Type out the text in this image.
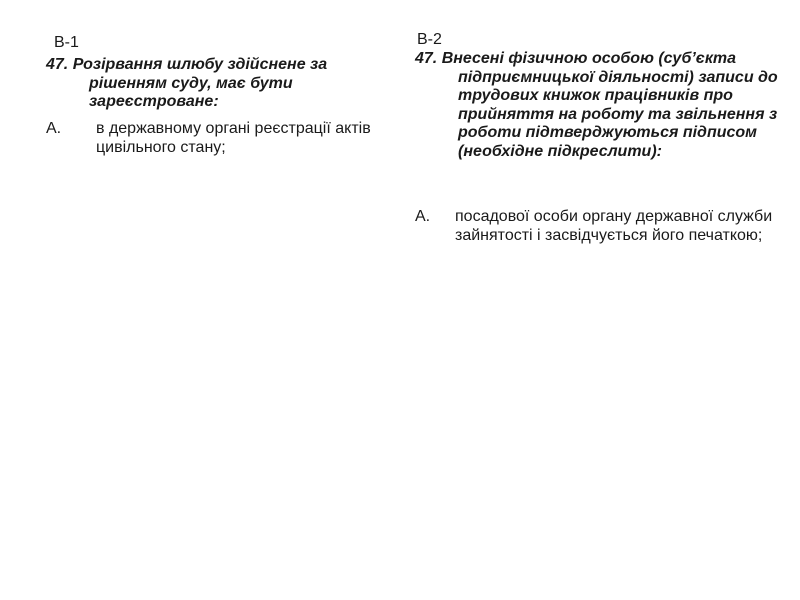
В-1

47. Розірвання шлюбу здійснене за рішенням суду, має бути зареєстроване:

А.	в державному органі реєстрації актів цивільного стану;

В-2

47. Внесені фізичною особою (суб’єкта підприємницької діяльності) записи до трудових книжок працівників про прийняття на роботу та звільнення з роботи підтверджуються підписом (необхідне підкреслити):

А.	посадової особи органу державної служби зайнятості і засвідчується його печаткою;
